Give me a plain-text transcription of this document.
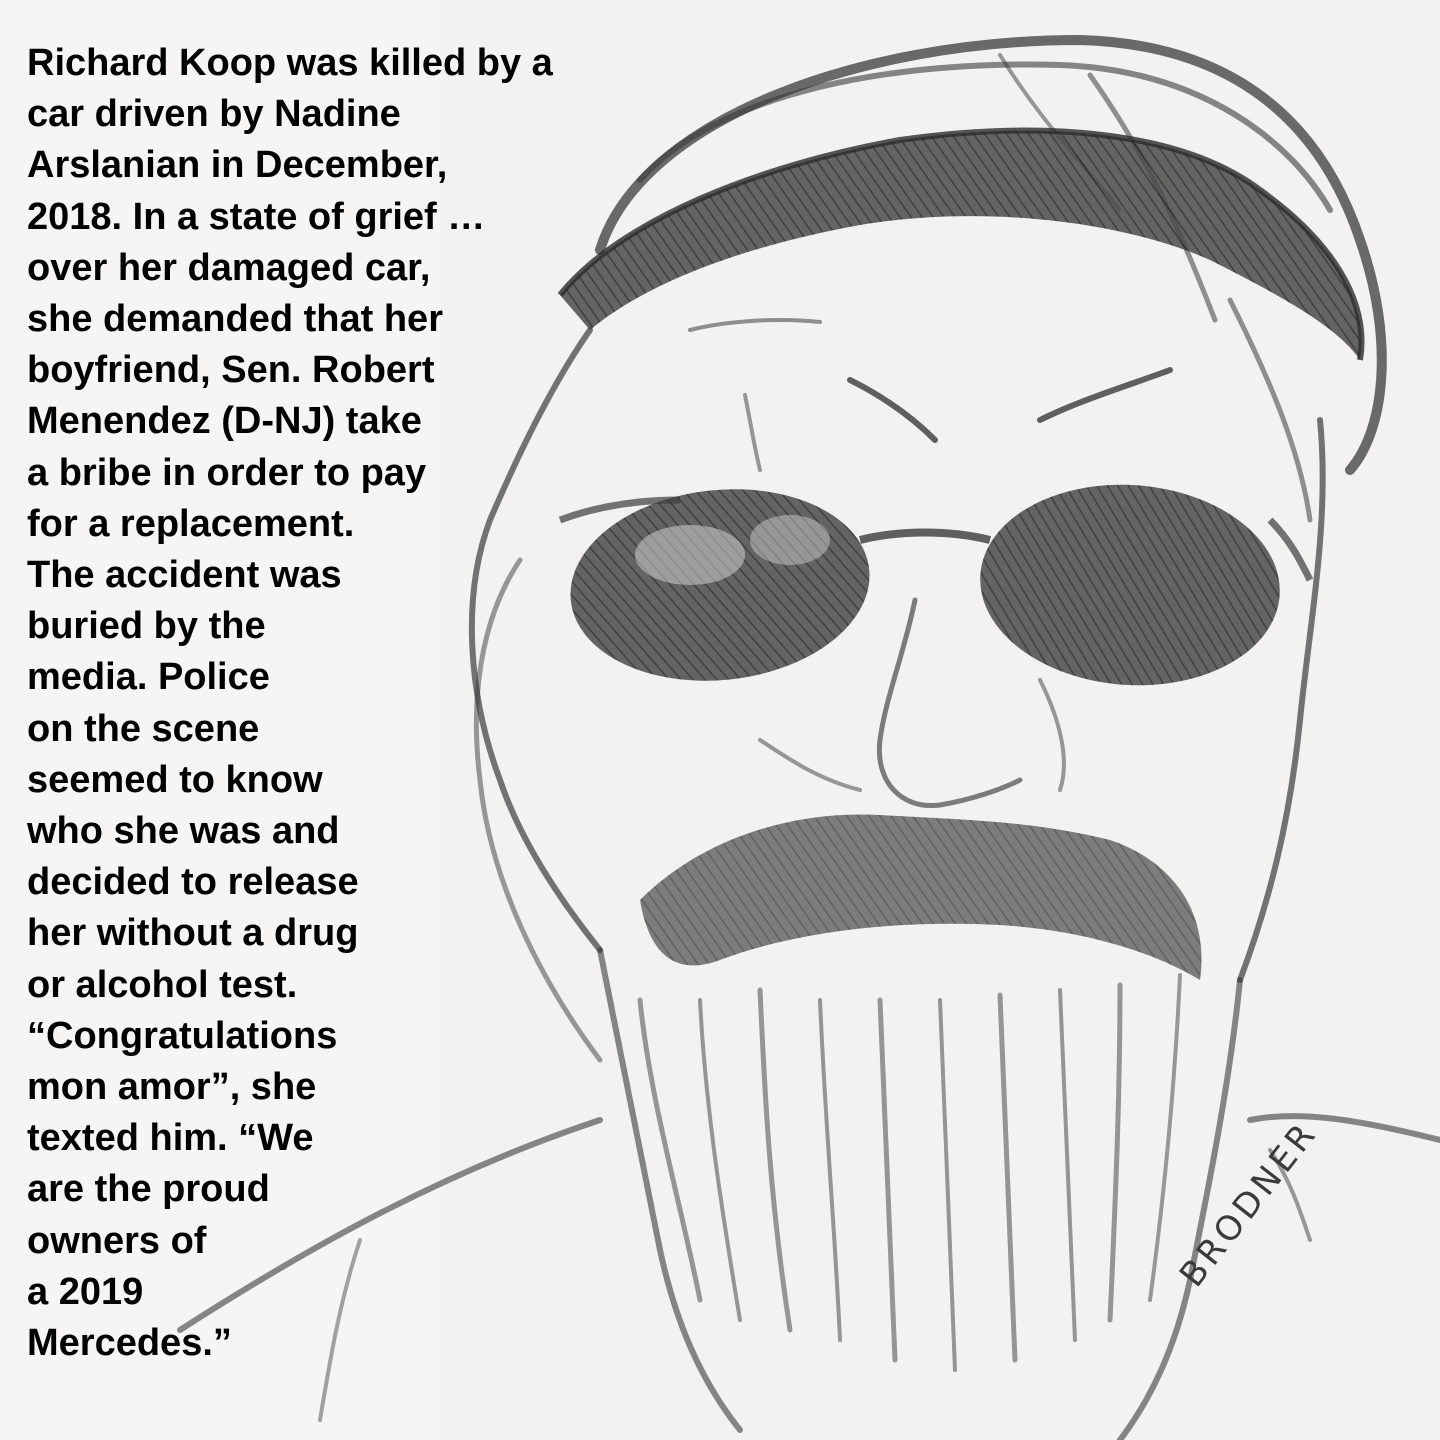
Richard Koop was killed by a
car driven by Nadine
Arslanian in December,
2018. In a state of grief …
over her damaged car,
she demanded that her
boyfriend, Sen. Robert
Menendez (D-NJ) take
a bribe in order to pay
for a replacement.
The accident was
buried by the
media. Police
on the scene
seemed to know
who she was and
decided to release
her without a drug
or alcohol test.
“Congratulations
mon amor”, she
texted him. “We
are the proud
owners of
a 2019
Mercedes.”
BRODNER
